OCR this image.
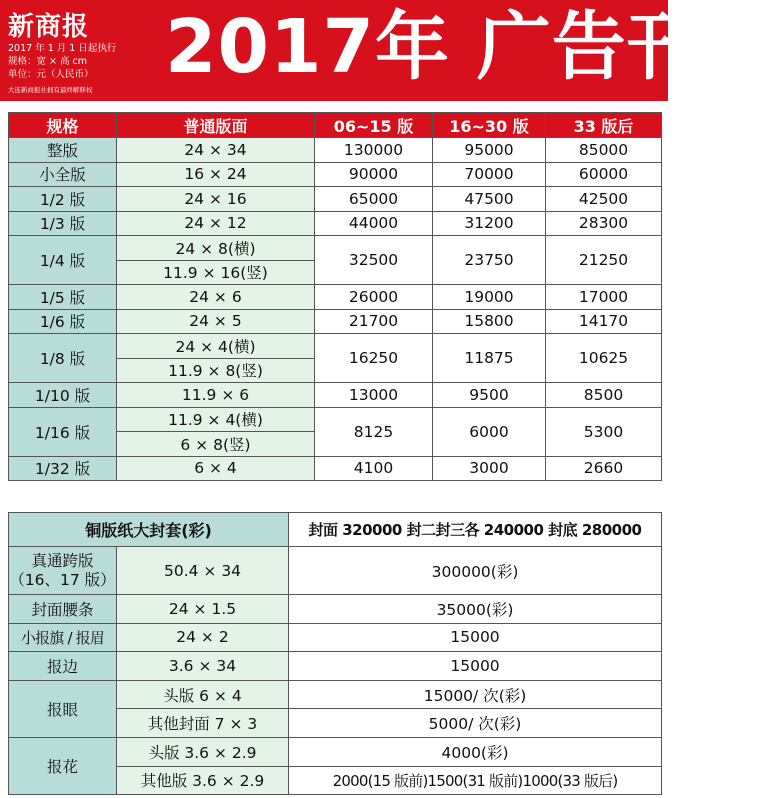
新商报
2017 年 1 月 1 日起执行
规格：宽 × 高 cm
单位：元（人民币）
大连新商报社拥有最终解释权 2017年 广告刊例
规格	普通版面	06~15 版	16~30 版	33 版后
整版	24 × 34	130000	95000	85000
小全版	16 × 24	90000	70000	60000
1/2 版	24 × 16	65000	47500	42500
1/3 版	24 × 12	44000	31200	28300
1/4 版	24 × 8(横)	32500	23750	21250
	11.9 × 16(竖)			
1/5 版	24 × 6	26000	19000	17000
1/6 版	24 × 5	21700	15800	14170
1/8 版	24 × 4(横)	16250	11875	10625
	11.9 × 8(竖)			
1/10 版	11.9 × 6	13000	9500	8500
1/16 版	11.9 × 4(横)	8125	6000	5300
	6 × 8(竖)			
1/32 版	6 × 4	4100	3000	2660
铜版纸大封套(彩)		封面 320000 封二封三各 240000 封底 280000

真通跨版
（16、17 版）	50.4 × 34	300000(彩)
封面腰条	24 × 1.5	35000(彩)
小报旗 / 报眉	24 × 2	15000
报边	3.6 × 34	15000
报眼	头版 6 × 4	15000/ 次(彩)
	其他封面 7 × 3	5000/ 次(彩)
报花	头版 3.6 × 2.9	4000(彩)
	其他版 3.6 × 2.9	2000(15 版前)1500(31 版前)1000(33 版后)
